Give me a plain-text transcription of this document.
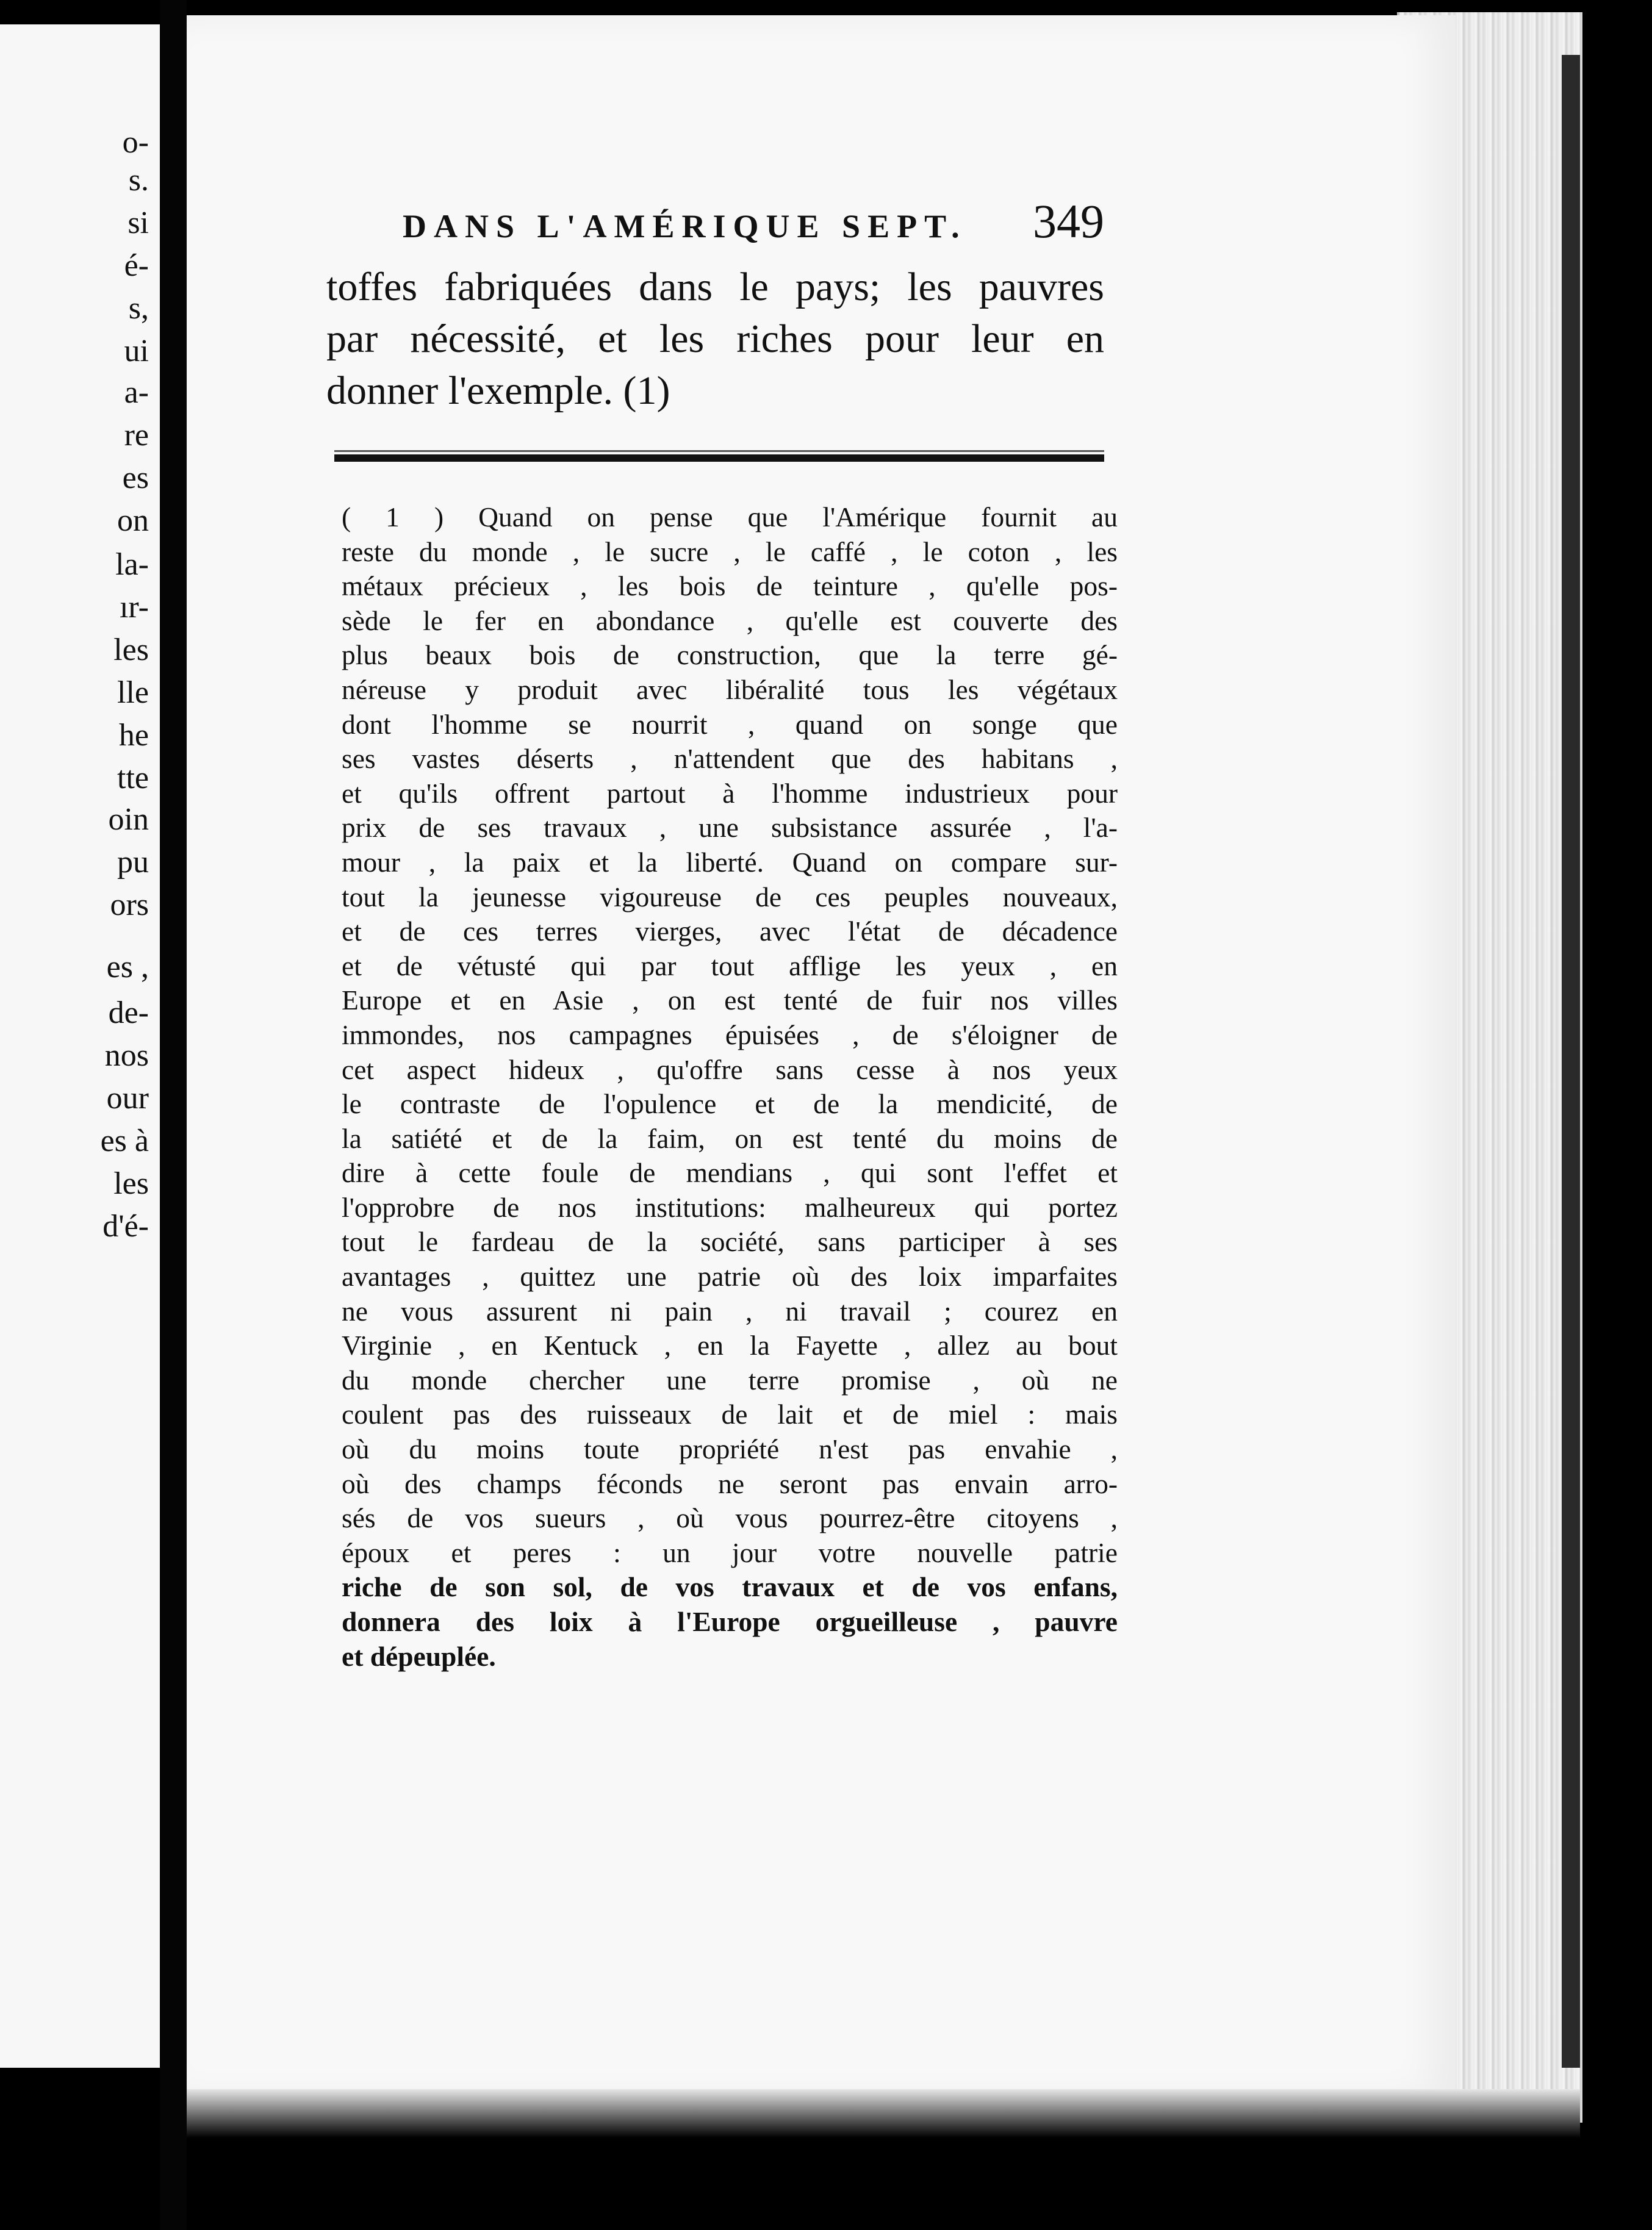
o-
s.
si
é-
s,
ui
a-
re
es
on
la-
ır-
les
lle
he
tte
oin
pu
ors
es ,
de-
nos
our
es à
les
d'é-
DANS L'AMÉRIQUE SEPT. 349
toffes fabriquées dans le pays; les pauvres
par nécessité, et les riches pour leur en
donner l'exemple. (1)
( 1 ) Quand on pense que l'Amérique fournit au
reste du monde , le sucre , le caffé , le coton , les
métaux précieux , les bois de teinture , qu'elle pos-
sède le fer en abondance , qu'elle est couverte des
plus beaux bois de construction, que la terre gé-
néreuse y produit avec libéralité tous les végétaux
dont l'homme se nourrit , quand on songe que
ses vastes déserts , n'attendent que des habitans ,
et qu'ils offrent partout à l'homme industrieux pour
prix de ses travaux , une subsistance assurée , l'a-
mour , la paix et la liberté. Quand on compare sur-
tout la jeunesse vigoureuse de ces peuples nouveaux,
et de ces terres vierges, avec l'état de décadence
et de vétusté qui par tout afflige les yeux , en
Europe et en Asie , on est tenté de fuir nos villes
immondes, nos campagnes épuisées , de s'éloigner de
cet aspect hideux , qu'offre sans cesse à nos yeux
le contraste de l'opulence et de la mendicité, de
la satiété et de la faim, on est tenté du moins de
dire à cette foule de mendians , qui sont l'effet et
l'opprobre de nos institutions: malheureux qui portez
tout le fardeau de la société, sans participer à ses
avantages , quittez une patrie où des loix imparfaites
ne vous assurent ni pain , ni travail ; courez en
Virginie , en Kentuck , en la Fayette , allez au bout
du monde chercher une terre promise , où ne
coulent pas des ruisseaux de lait et de miel : mais
où du moins toute propriété n'est pas envahie ,
où des champs féconds ne seront pas envain arro-
sés de vos sueurs , où vous pourrez-être citoyens ,
époux et peres : un jour votre nouvelle patrie
riche de son sol, de vos travaux et de vos enfans,
donnera des loix à l'Europe orgueilleuse , pauvre
et dépeuplée.
